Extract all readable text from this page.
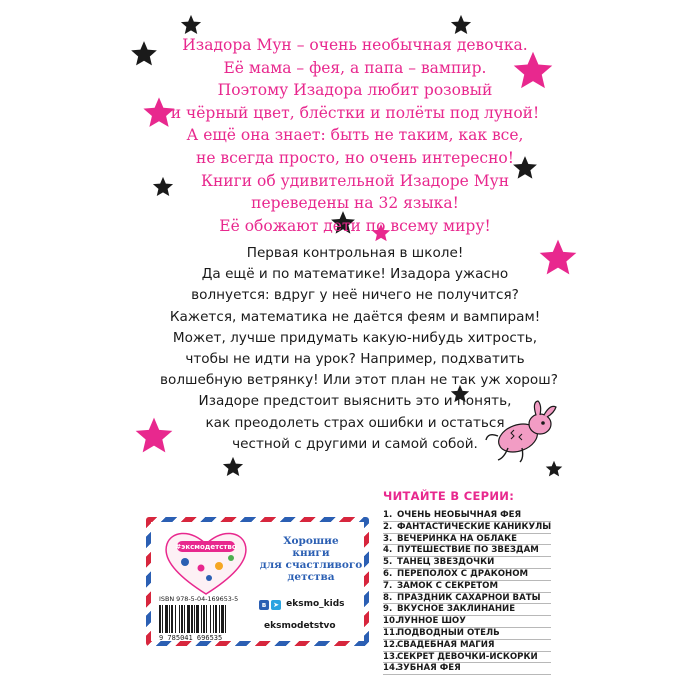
Изадора Мун – очень необычная девочка.
Её мама – фея, а папа – вампир.
Поэтому Изадора любит розовый
и чёрный цвет, блёстки и полёты под луной!
А ещё она знает: быть не таким, как все,
не всегда просто, но очень интересно!
Книги об удивительной Изадоре Мун
переведены на 32 языка!
Её обожают дети по всему миру!
Первая контрольная в школе!
Да ещё и по математике! Изадора ужасно
волнуется: вдруг у неё ничего не получится?
Кажется, математика не даётся феям и вампирам!
Может, лучше придумать какую-нибудь хитрость,
чтобы не идти на урок? Например, подхватить
волшебную ветрянку! Или этот план не так уж хорош?
Изадоре предстоит выяснить это и понять,
как преодолеть страх ошибки и остаться
честной с другими и самой собой.
ЧИТАЙТЕ В СЕРИИ:
1. ОЧЕНЬ НЕОБЫЧНАЯ ФЕЯ
2. ФАНТАСТИЧЕСКИЕ КАНИКУЛЫ
3. ВЕЧЕРИНКА НА ОБЛАКЕ
4. ПУТЕШЕСТВИЕ ПО ЗВЁЗДАМ
5. ТАНЕЦ ЗВЁЗДОЧКИ
6. ПЕРЕПОЛОХ С ДРАКОНОМ
7. ЗАМОК С СЕКРЕТОМ
8. ПРАЗДНИК САХАРНОЙ ВАТЫ
9. ВКУСНОЕ ЗАКЛИНАНИЕ
10.ЛУННОЕ ШОУ
11.ПОДВОДНЫЙ ОТЕЛЬ
12.СВАДЕБНАЯ МАГИЯ
13.СЕКРЕТ ДЕВОЧКИ-ИСКОРКИ
14.ЗУБНАЯ ФЕЯ
#эксмодетство	Хорошие
книги
для счастливого
детства
ISBN 978-5-04-169653-5
9 785041 696535
в ➤ eksmo_kids
eksmodetstvo
